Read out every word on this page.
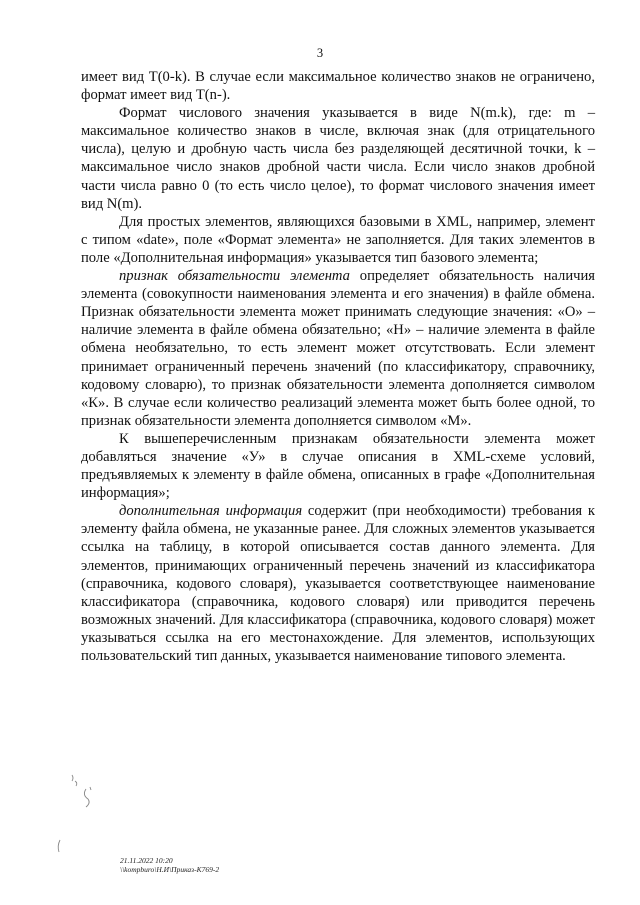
3

имеет вид T(0-k). В случае если максимальное количество знаков не ограничено, формат имеет вид T(n-).

Формат числового значения указывается в виде N(m.k), где: m – максимальное количество знаков в числе, включая знак (для отрицательного числа), целую и дробную часть числа без разделяющей десятичной точки, k – максимальное число знаков дробной части числа. Если число знаков дробной части числа равно 0 (то есть число целое), то формат числового значения имеет вид N(m).

Для простых элементов, являющихся базовыми в XML, например, элемент с типом «date», поле «Формат элемента» не заполняется. Для таких элементов в поле «Дополнительная информация» указывается тип базового элемента;

признак обязательности элемента определяет обязательность наличия элемента (совокупности наименования элемента и его значения) в файле обмена. Признак обязательности элемента может принимать следующие значения: «О» – наличие элемента в файле обмена обязательно; «Н» – наличие элемента в файле обмена необязательно, то есть элемент может отсутствовать. Если элемент принимает ограниченный перечень значений (по классификатору, справочнику, кодовому словарю), то признак обязательности элемента дополняется символом «К». В случае если количество реализаций элемента может быть более одной, то признак обязательности элемента дополняется символом «М».

К вышеперечисленным признакам обязательности элемента может добавляться значение «У» в случае описания в XML-схеме условий, предъявляемых к элементу в файле обмена, описанных в графе «Дополнительная информация»;

дополнительная информация содержит (при необходимости) требования к элементу файла обмена, не указанные ранее. Для сложных элементов указывается ссылка на таблицу, в которой описывается состав данного элемента. Для элементов, принимающих ограниченный перечень значений из классификатора (справочника, кодового словаря), указывается соответствующее наименование классификатора (справочника, кодового словаря) или приводится перечень возможных значений. Для классификатора (справочника, кодового словаря) может указываться ссылка на его местонахождение. Для элементов, использующих пользовательский тип данных, указывается наименование типового элемента.

21.11.2022 10:20
\\kompburo\Н.И\Приказ-К769-2
